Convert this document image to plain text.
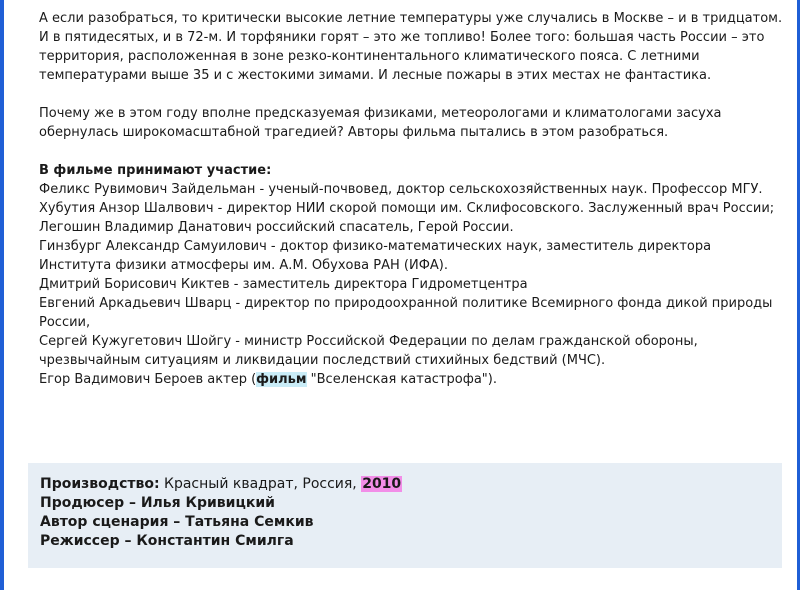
А если разобраться, то критически высокие летние температуры уже случались в Москве – и в тридцатом. И в пятидесятых, и в 72-м. И торфяники горят – это же топливо! Более того: большая часть России – это территория, расположенная в зоне резко-континентального климатического пояса. С летними температурами выше 35 и с жестокими зимами. И лесные пожары в этих местах не фантастика.

Почему же в этом году вполне предсказуемая физиками, метеорологами и климатологами засуха обернулась широкомасштабной трагедией? Авторы фильма пытались в этом разобраться.

В фильме принимают участие:

Феликс Рувимович Зайдельман - ученый-почвовед, доктор сельскохозяйственных наук. Профессор МГУ.
Хубутия Анзор Шалвович - директор НИИ скорой помощи им. Склифосовского. Заслуженный врач России;
Легошин Владимир Данатович российский спасатель, Герой России.
Гинзбург Александр Самуилович - доктор физико-математических наук, заместитель директора Института физики атмосферы им. А.М. Обухова РАН (ИФА).
Дмитрий Борисович Киктев - заместитель директора Гидрометцентра
Евгений Аркадьевич Шварц - директор по природоохранной политике Всемирного фонда дикой природы России,
Сергей Кужугетович Шойгу - министр Российской Федерации по делам гражданской обороны, чрезвычайным ситуациям и ликвидации последствий стихийных бедствий (МЧС).
Егор Вадимович Бероев актер (фильм "Вселенская катастрофа").
Производство: Красный квадрат, Россия, 2010
Продюсер – Илья Кривицкий
Автор сценария – Татьяна Семкив
Режиссер – Константин Смилга
